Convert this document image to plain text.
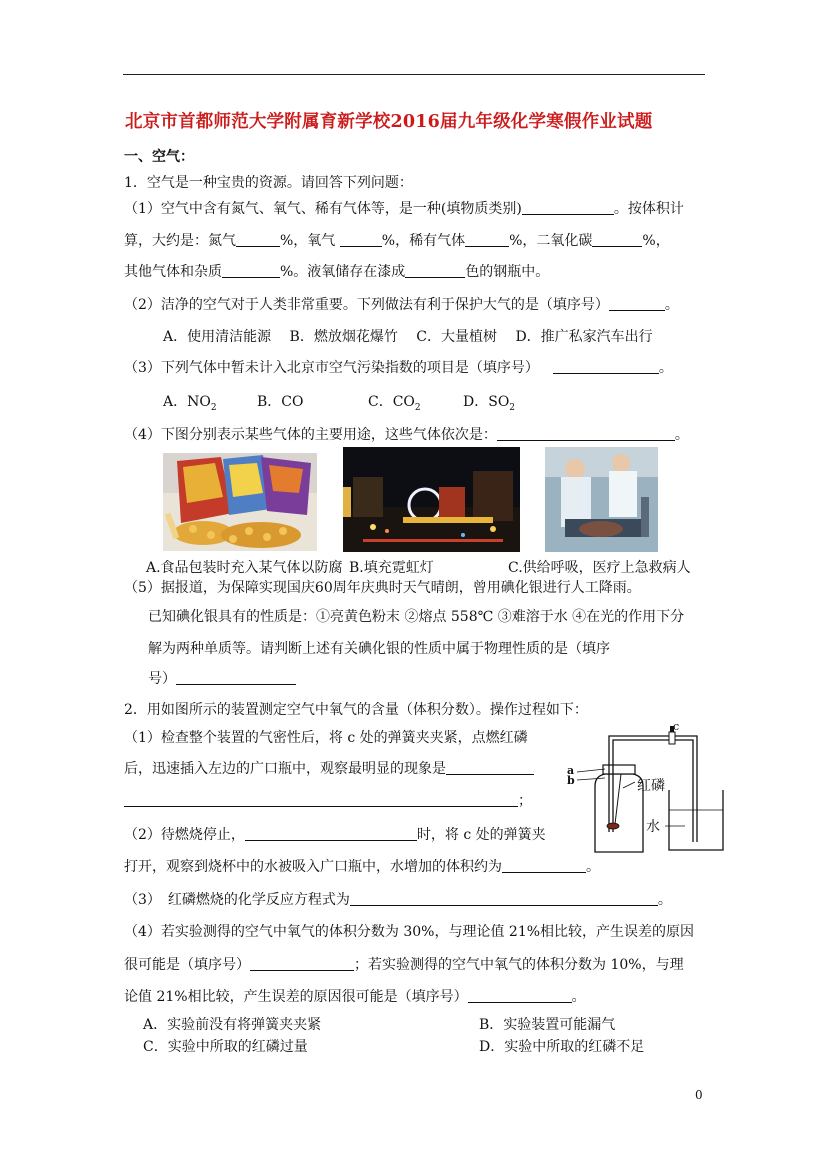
北京市首都师范大学附属育新学校2016届九年级化学寒假作业试题
一、空气：
1．空气是一种宝贵的资源。请回答下列问题：
（1）空气中含有氮气、氧气、稀有气体等，是一种(填物质类别)	。按体积计
算，大约是：氮气	%，氧气	%，稀有气体	%，二氧化碳	%，
其他气体和杂质	%。液氧储存在漆成	色的钢瓶中。
（2）洁净的空气对于人类非常重要。下列做法有利于保护大气的是（填序号）	。
A．使用清洁能源　 B．燃放烟花爆竹　 C．大量植树　 D．推广私家汽车出行
（3）下列气体中暂未计入北京市空气污染指数的项目是（填序号）	。
A．$NO_2$	B．CO	C．$CO_2$	D．$SO_2$
（4）下图分别表示某些气体的主要用途，这些气体依次是：	。
A.食品包装时充入某气体以防腐 B.填充霓虹灯	C.供给呼吸，医疗上急救病人
（5）据报道，为保障实现国庆60周年庆典时天气晴朗，曾用碘化银进行人工降雨。
已知碘化银具有的性质是：①亮黄色粉末 ②熔点 558℃ ③难溶于水 ④在光的作用下分
解为两种单质等。请判断上述有关碘化银的性质中属于物理性质的是（填序
号）
2．用如图所示的装置测定空气中氧气的含量（体积分数）。操作过程如下：
（1）检查整个装置的气密性后，将 c 处的弹簧夹夹紧，点燃红磷
后，迅速插入左边的广口瓶中，观察最明显的现象是
；
（2）待燃烧停止，	时，将 c 处的弹簧夹
打开，观察到烧杯中的水被吸入广口瓶中，水增加的体积约为	。
c
a
b	红磷
水
（3）　红磷燃烧的化学反应方程式为	。
（4）若实验测得的空气中氧气的体积分数为 30%，与理论值 21%相比较，产生误差的原因
很可能是（填序号）	；若实验测得的空气中氧气的体积分数为 10%，与理
论值 21%相比较，产生误差的原因很可能是（填序号）	。
A．实验前没有将弹簧夹夹紧	B．实验装置可能漏气
C．实验中所取的红磷过量	D．实验中所取的红磷不足
0
